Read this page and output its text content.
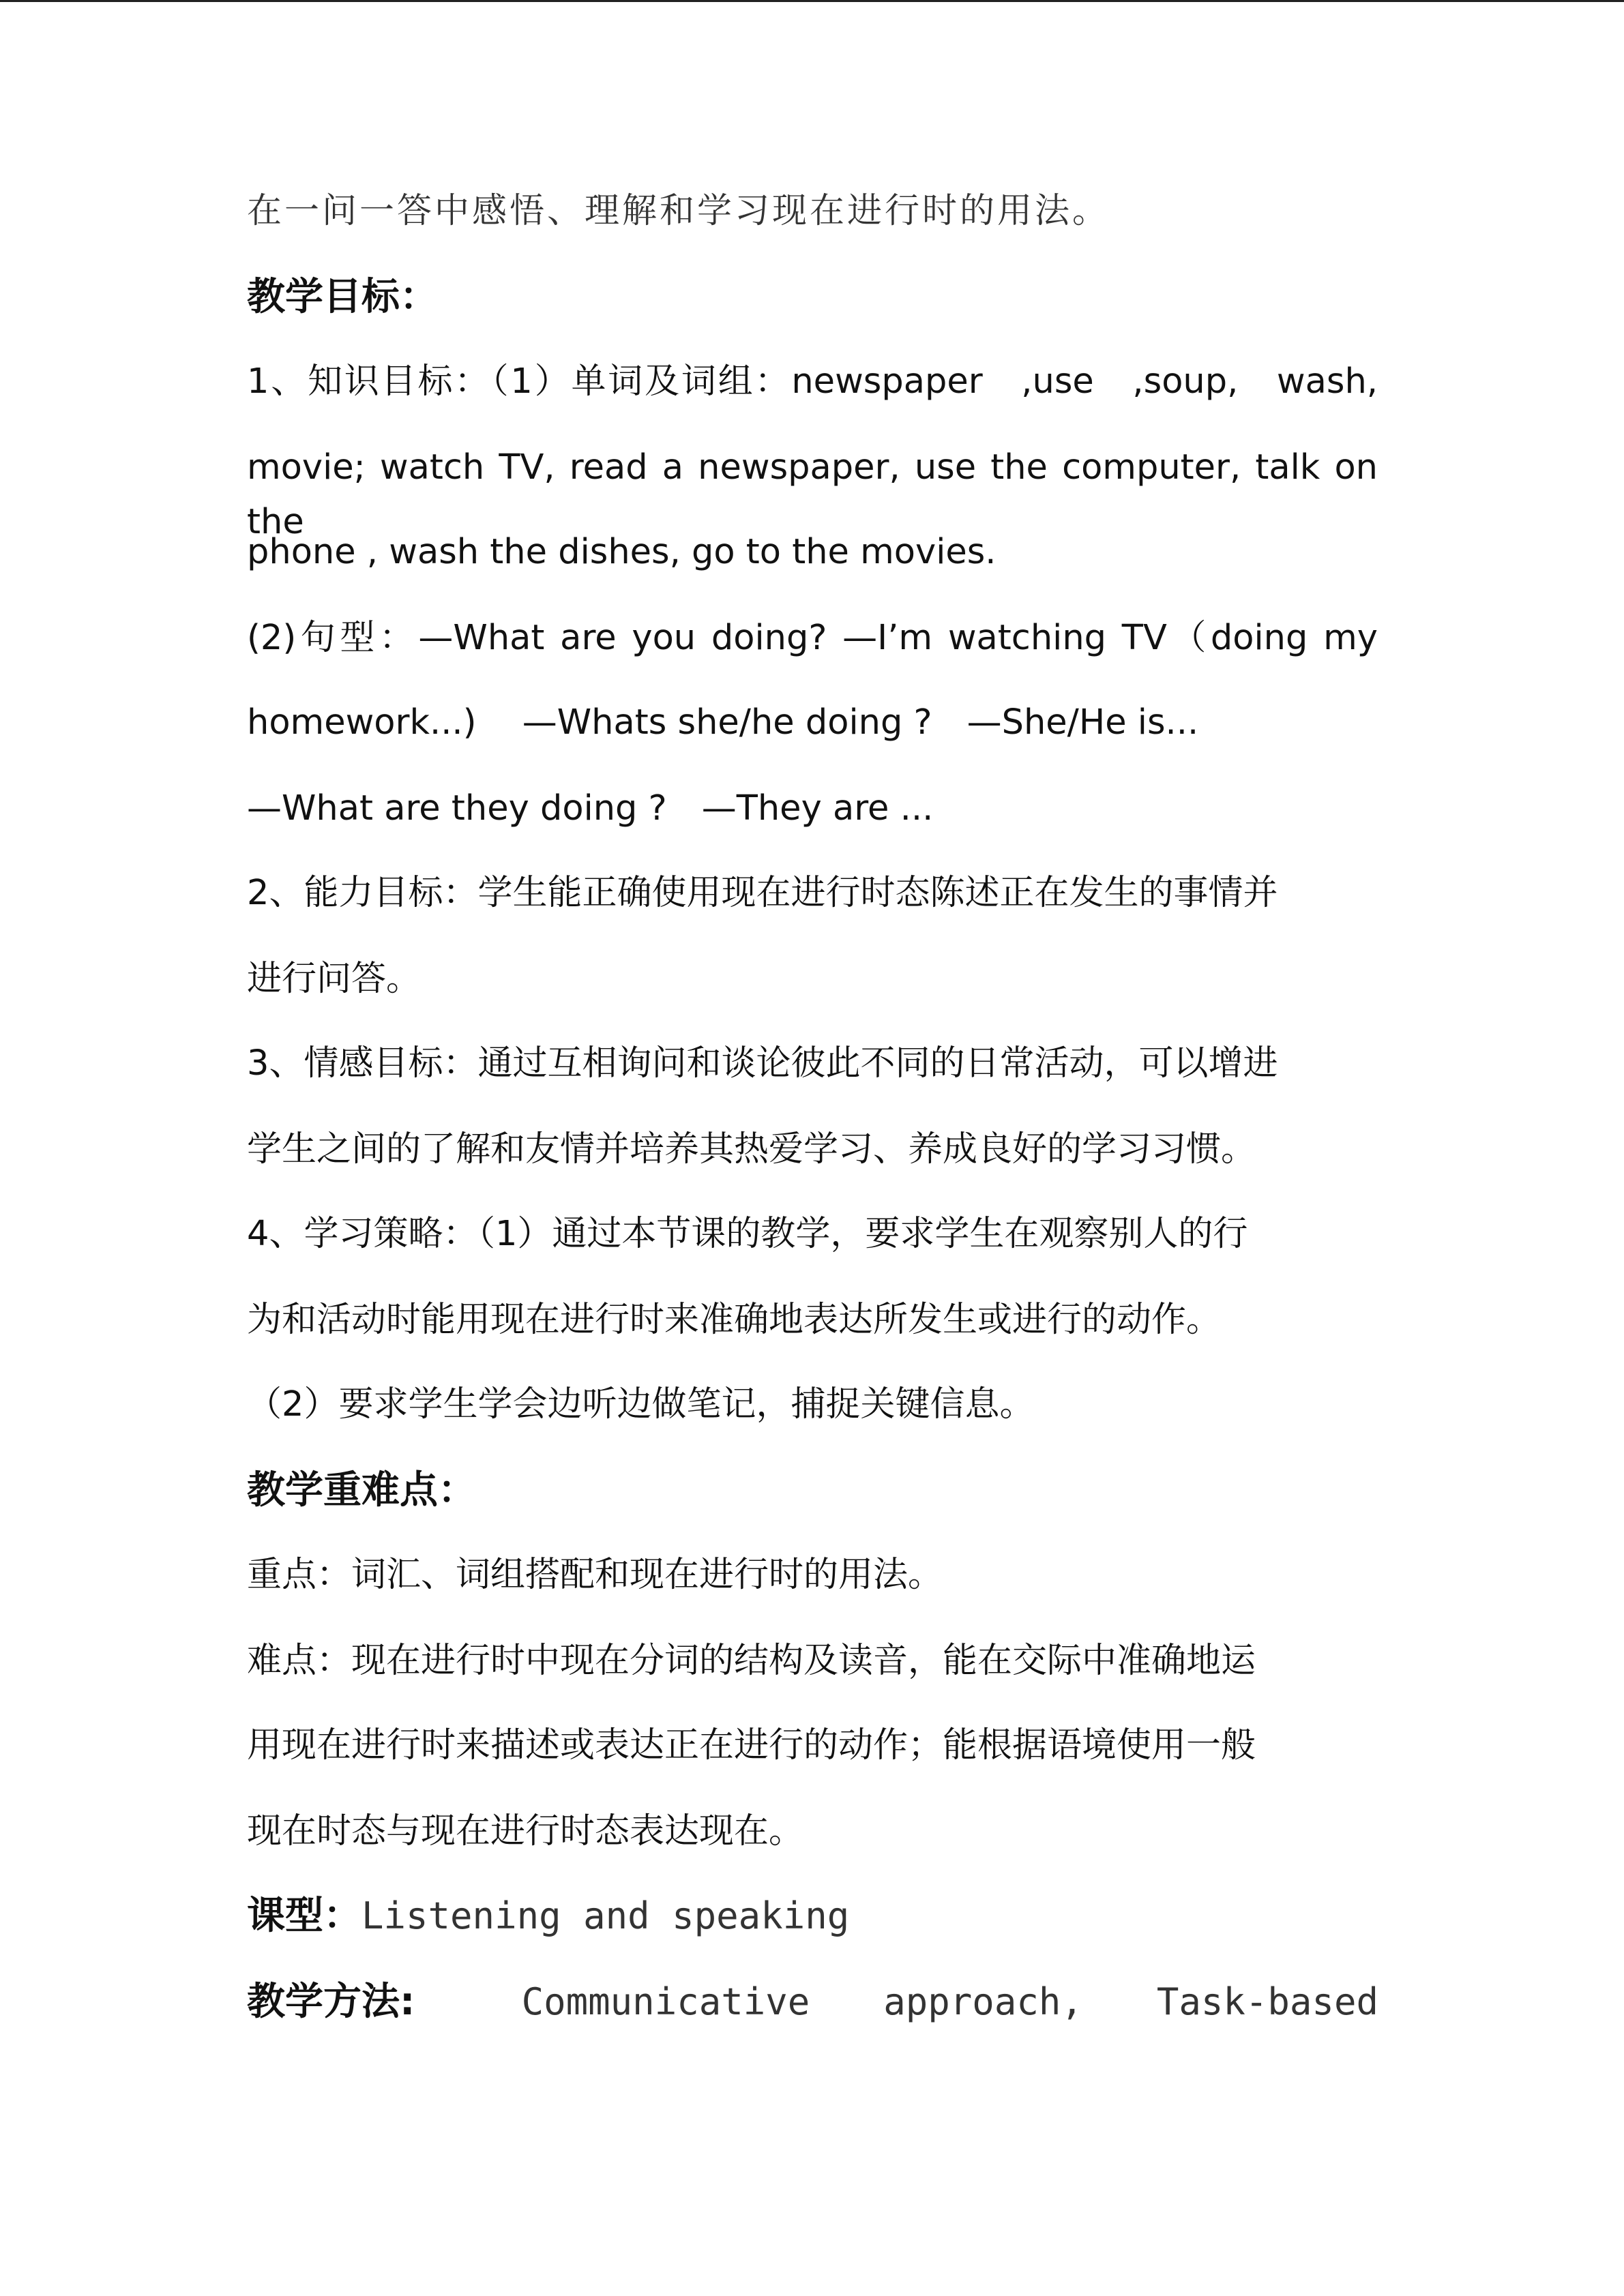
在一问一答中感悟、理解和学习现在进行时的用法。
教学目标：
1、知识目标：（1）单词及词组：newspaper　,use　,soup,　wash,
movie; watch TV, read a newspaper, use the computer, talk on the
phone , wash the dishes, go to the movies.
(2)句型：—What are you doing? —I’m watching TV（doing my
homework...)　 —Whats she/he doing ?　—She/He is...
—What are they doing ?　—They are ...
2、能力目标：学生能正确使用现在进行时态陈述正在发生的事情并
进行问答。
3、情感目标：通过互相询问和谈论彼此不同的日常活动，可以增进
学生之间的了解和友情并培养其热爱学习、养成良好的学习习惯。
4、学习策略：（1）通过本节课的教学，要求学生在观察别人的行
为和活动时能用现在进行时来准确地表达所发生或进行的动作。
（2）要求学生学会边听边做笔记，捕捉关键信息。
教学重难点：
重点：词汇、词组搭配和现在进行时的用法。
难点：现在进行时中现在分词的结构及读音，能在交际中准确地运
用现在进行时来描述或表达正在进行的动作；能根据语境使用一般
现在时态与现在进行时态表达现在。
课型：Listening and speaking
教学方法:	Communicative　　approach,　　Task-based
